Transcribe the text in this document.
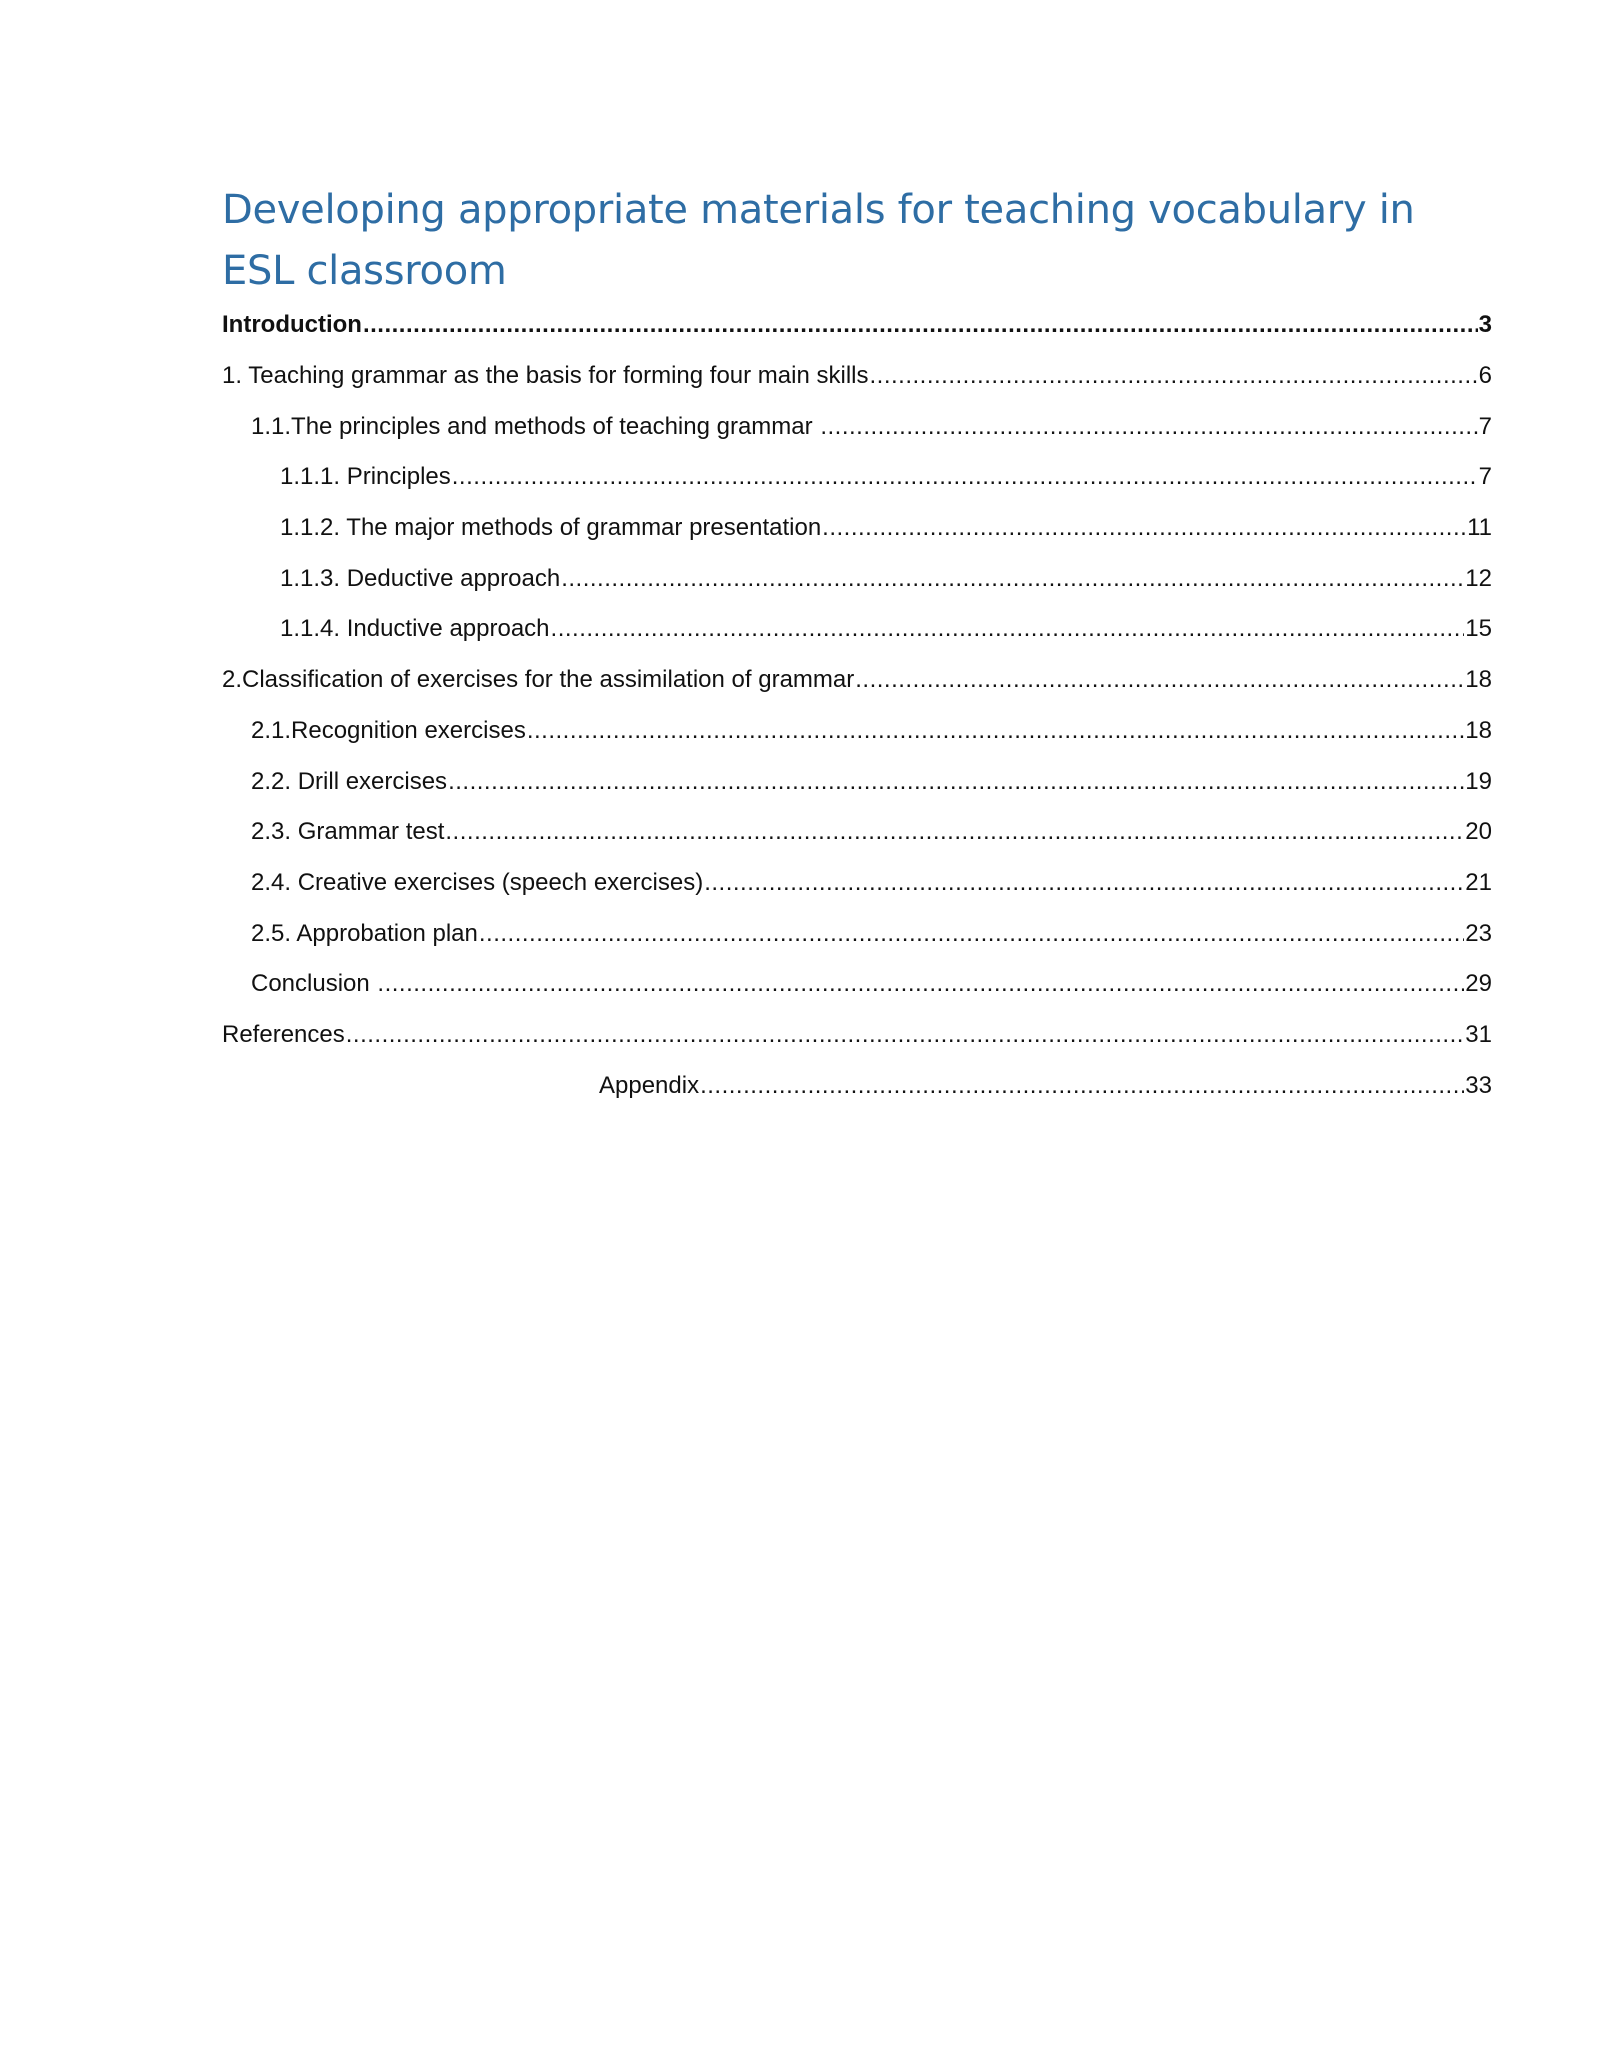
Developing appropriate materials for teaching vocabulary in ESL classroom
Introduction .....	3
1. Teaching grammar as the basis for forming four main skills .....	6
1.1.The principles and methods of teaching grammar .....	7
1.1.1. Principles .....	7
1.1.2. The major methods of grammar presentation .....	11
1.1.3. Deductive approach .....	12
1.1.4. Inductive approach .....	15
2.Classification of exercises for the assimilation of grammar .....	18
2.1.Recognition exercises .....	18
2.2. Drill exercises .....	19
2.3. Grammar test .....	20
2.4. Creative exercises (speech exercises) .....	21
2.5. Approbation plan .....	23
Conclusion .....	29
References .....	31
Appendix .....	33
